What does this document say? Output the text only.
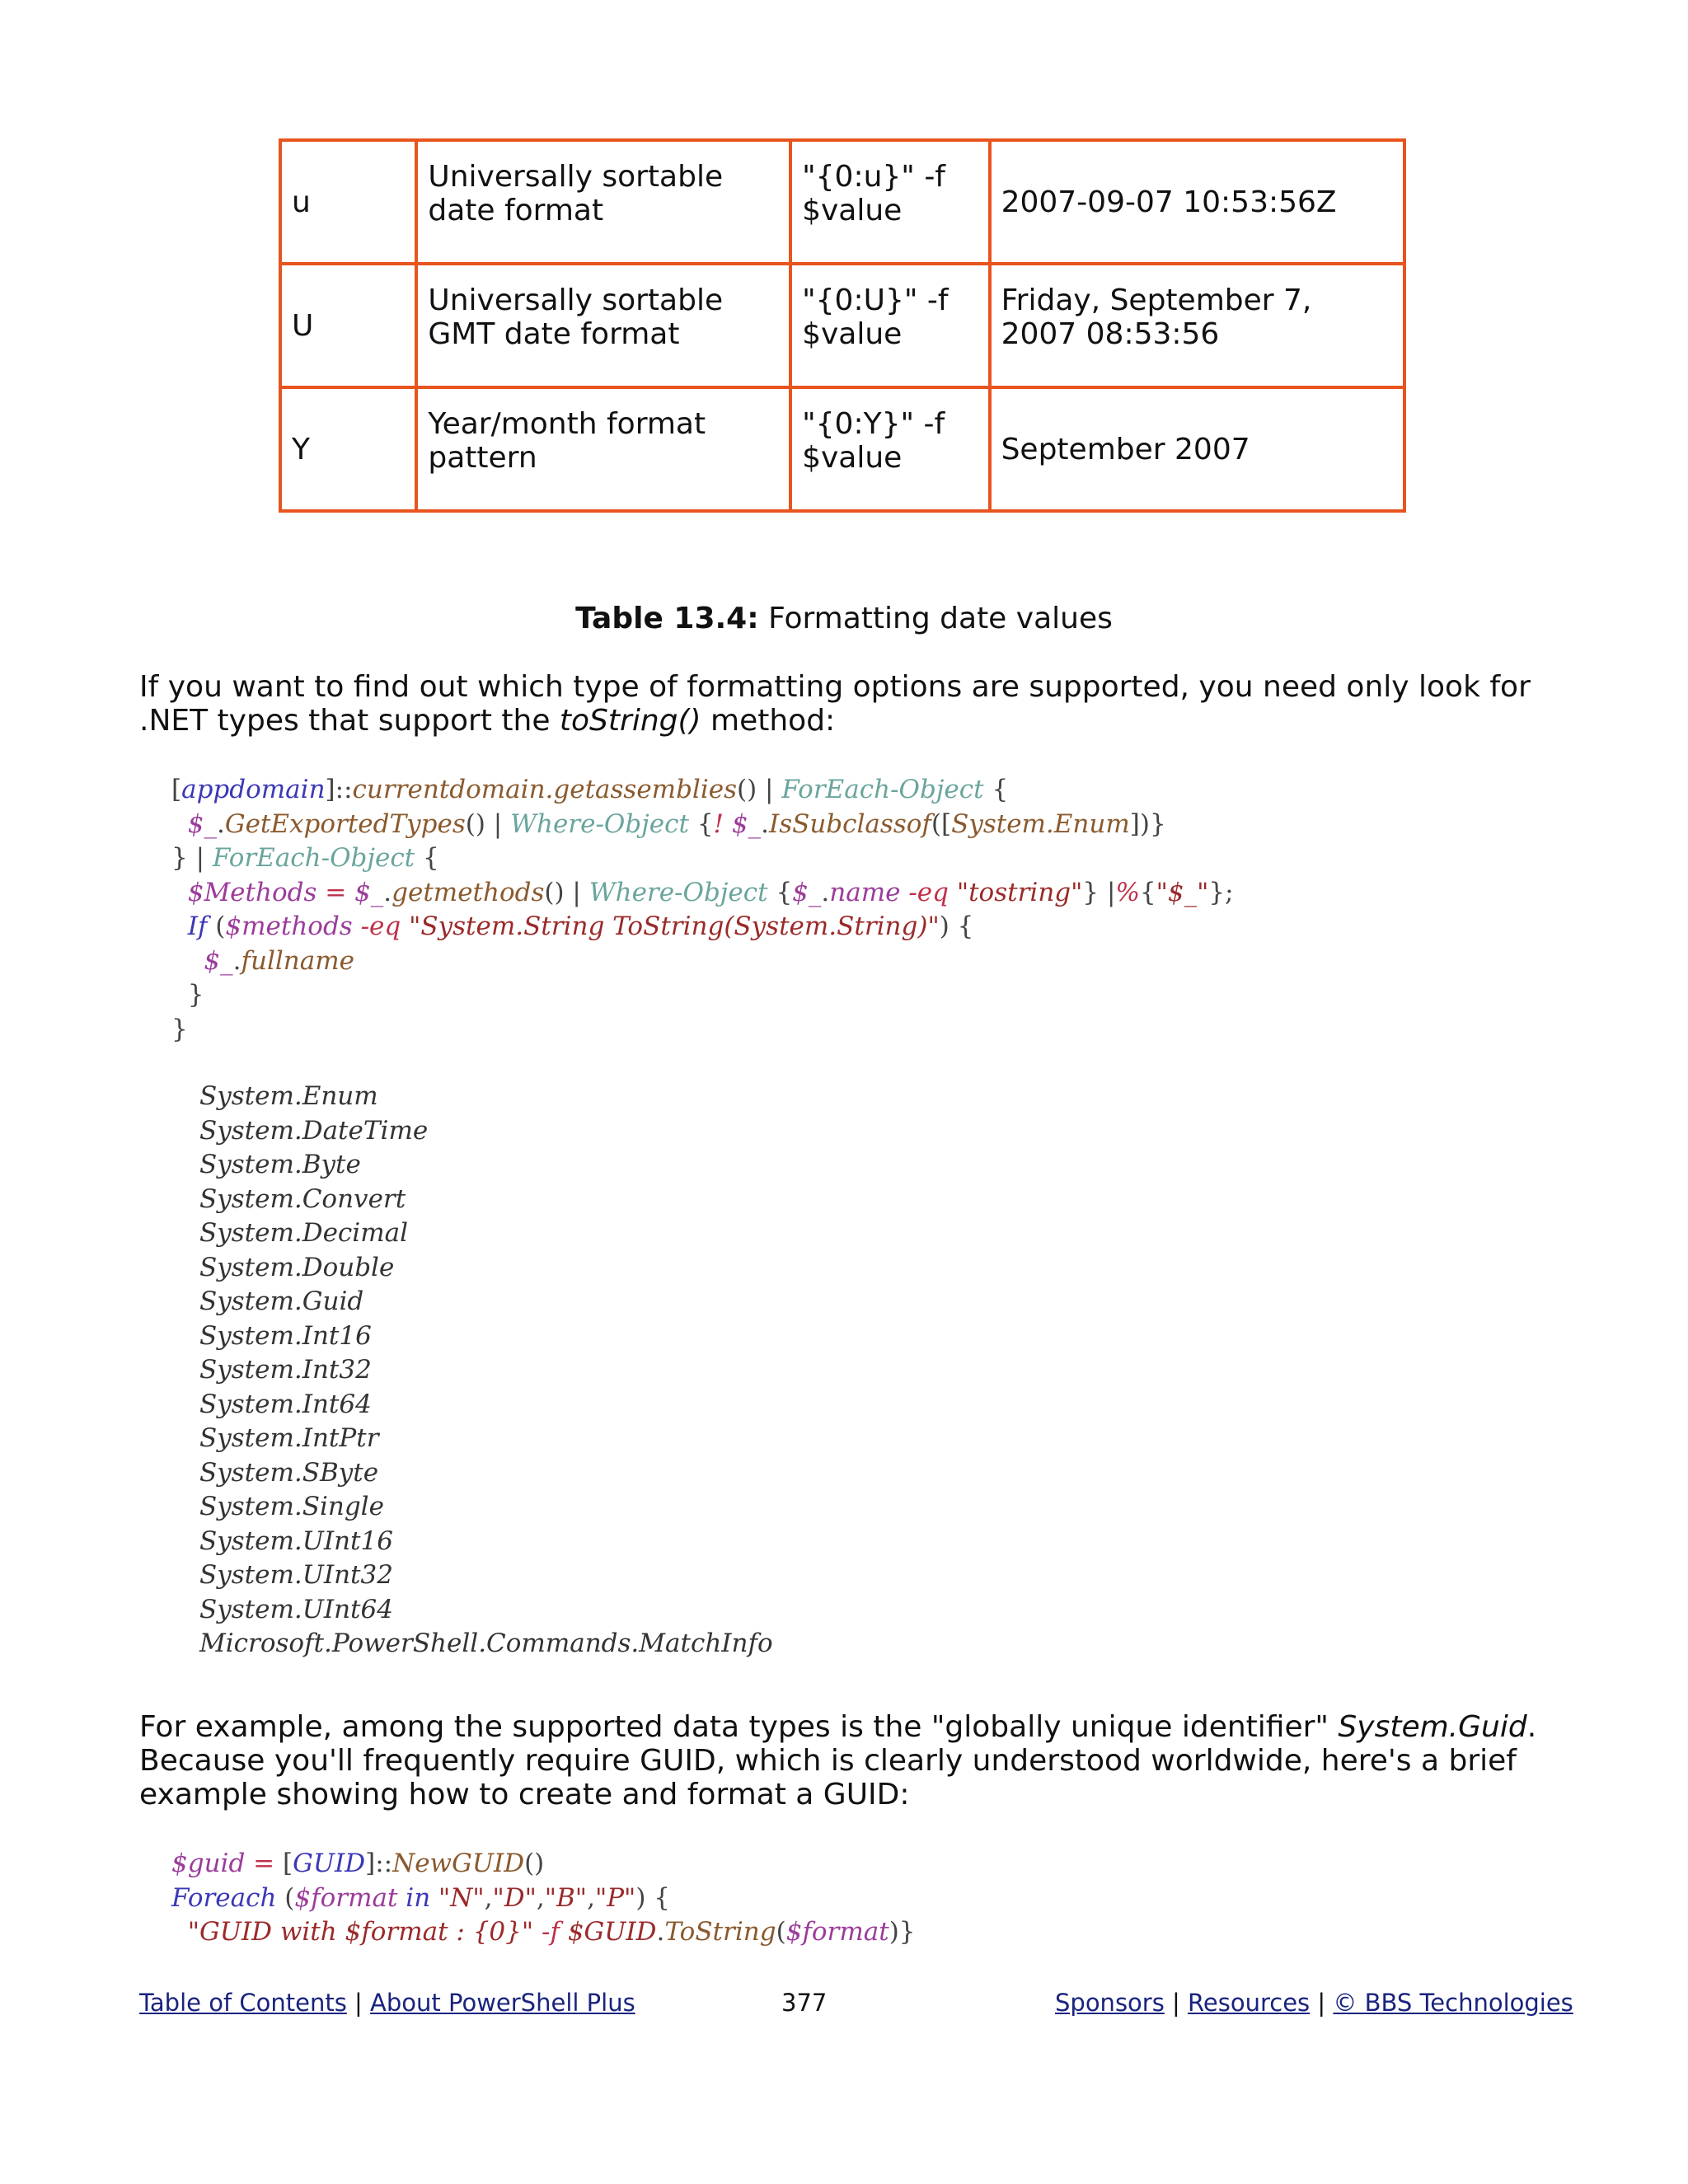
u	Universally sortable date format	"{0:u}" -f $value	2007-09-07 10:53:56Z
U	Universally sortable GMT date format	"{0:U}" -f $value	Friday, September 7, 2007 08:53:56

Y	Year/month format pattern	"{0:Y}" -f $value	September 2007
Table 13.4: Formatting date values
If you want to find out which type of formatting options are supported, you need only look for .NET types that support the toString() method:
[appdomain]::currentdomain.getassemblies() | ForEach-Object {
$_.GetExportedTypes() | Where-Object {! $_.IsSubclassof([System.Enum])}
} | ForEach-Object {
$Methods = $_.getmethods() | Where-Object {$_.name -eq "tostring"} |%{"$_"};
If ($methods -eq "System.String ToString(System.String)") {
$_.fullname
}
}
System.Enum
System.DateTime
System.Byte
System.Convert
System.Decimal
System.Double
System.Guid
System.Int16
System.Int32
System.Int64
System.IntPtr
System.SByte
System.Single
System.UInt16
System.UInt32
System.UInt64
Microsoft.PowerShell.Commands.MatchInfo
For example, among the supported data types is the "globally unique identifier" System.Guid. Because you'll frequently require GUID, which is clearly understood worldwide, here's a brief example showing how to create and format a GUID:
$guid = [GUID]::NewGUID()
Foreach ($format in "N","D","B","P") {
"GUID with $format : {0}" -f $GUID.ToString($format)}
Table of Contents | About PowerShell Plus	377	Sponsors | Resources | © BBS Technologies
